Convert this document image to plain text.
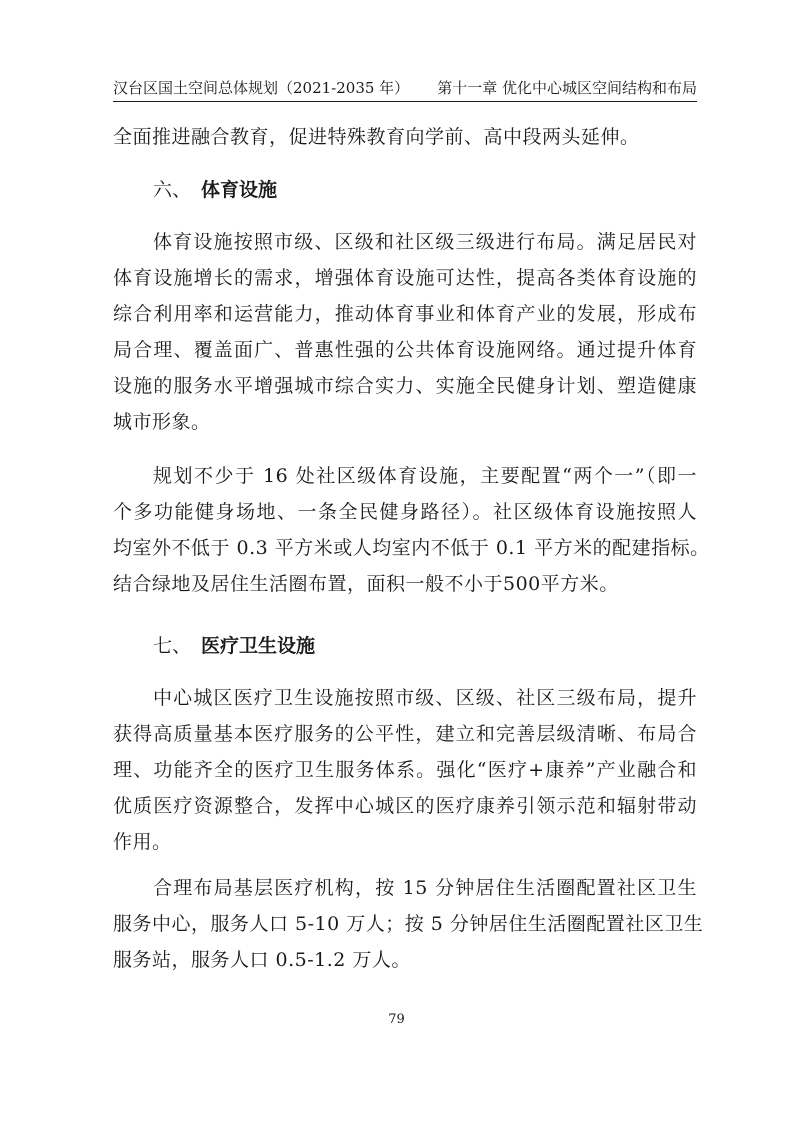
汉台区国土空间总体规划（2021-2035 年） 第十一章 优化中心城区空间结构和布局
全面推进融合教育，促进特殊教育向学前、高中段两头延伸。
六、 体育设施
体育设施按照市级、区级和社区级三级进行布局。满足居民对
体育设施增长的需求，增强体育设施可达性，提高各类体育设施的
综合利用率和运营能力，推动体育事业和体育产业的发展，形成布
局合理、覆盖面广、普惠性强的公共体育设施网络。通过提升体育
设施的服务水平增强城市综合实力、实施全民健身计划、塑造健康
城市形象。
规划不少于 16 处社区级体育设施，主要配置“两个一”（即一
个多功能健身场地、一条全民健身路径）。社区级体育设施按照人
均室外不低于 0.3 平方米或人均室内不低于 0.1 平方米的配建指标。
结合绿地及居住生活圈布置，面积一般不小于500平方米。
七、 医疗卫生设施
中心城区医疗卫生设施按照市级、区级、社区三级布局，提升
获得高质量基本医疗服务的公平性，建立和完善层级清晰、布局合
理、功能齐全的医疗卫生服务体系。强化“医疗+康养”产业融合和
优质医疗资源整合，发挥中心城区的医疗康养引领示范和辐射带动
作用。
合理布局基层医疗机构，按 15 分钟居住生活圈配置社区卫生
服务中心，服务人口 5-10 万人；按 5 分钟居住生活圈配置社区卫生
服务站，服务人口 0.5-1.2 万人。
79
